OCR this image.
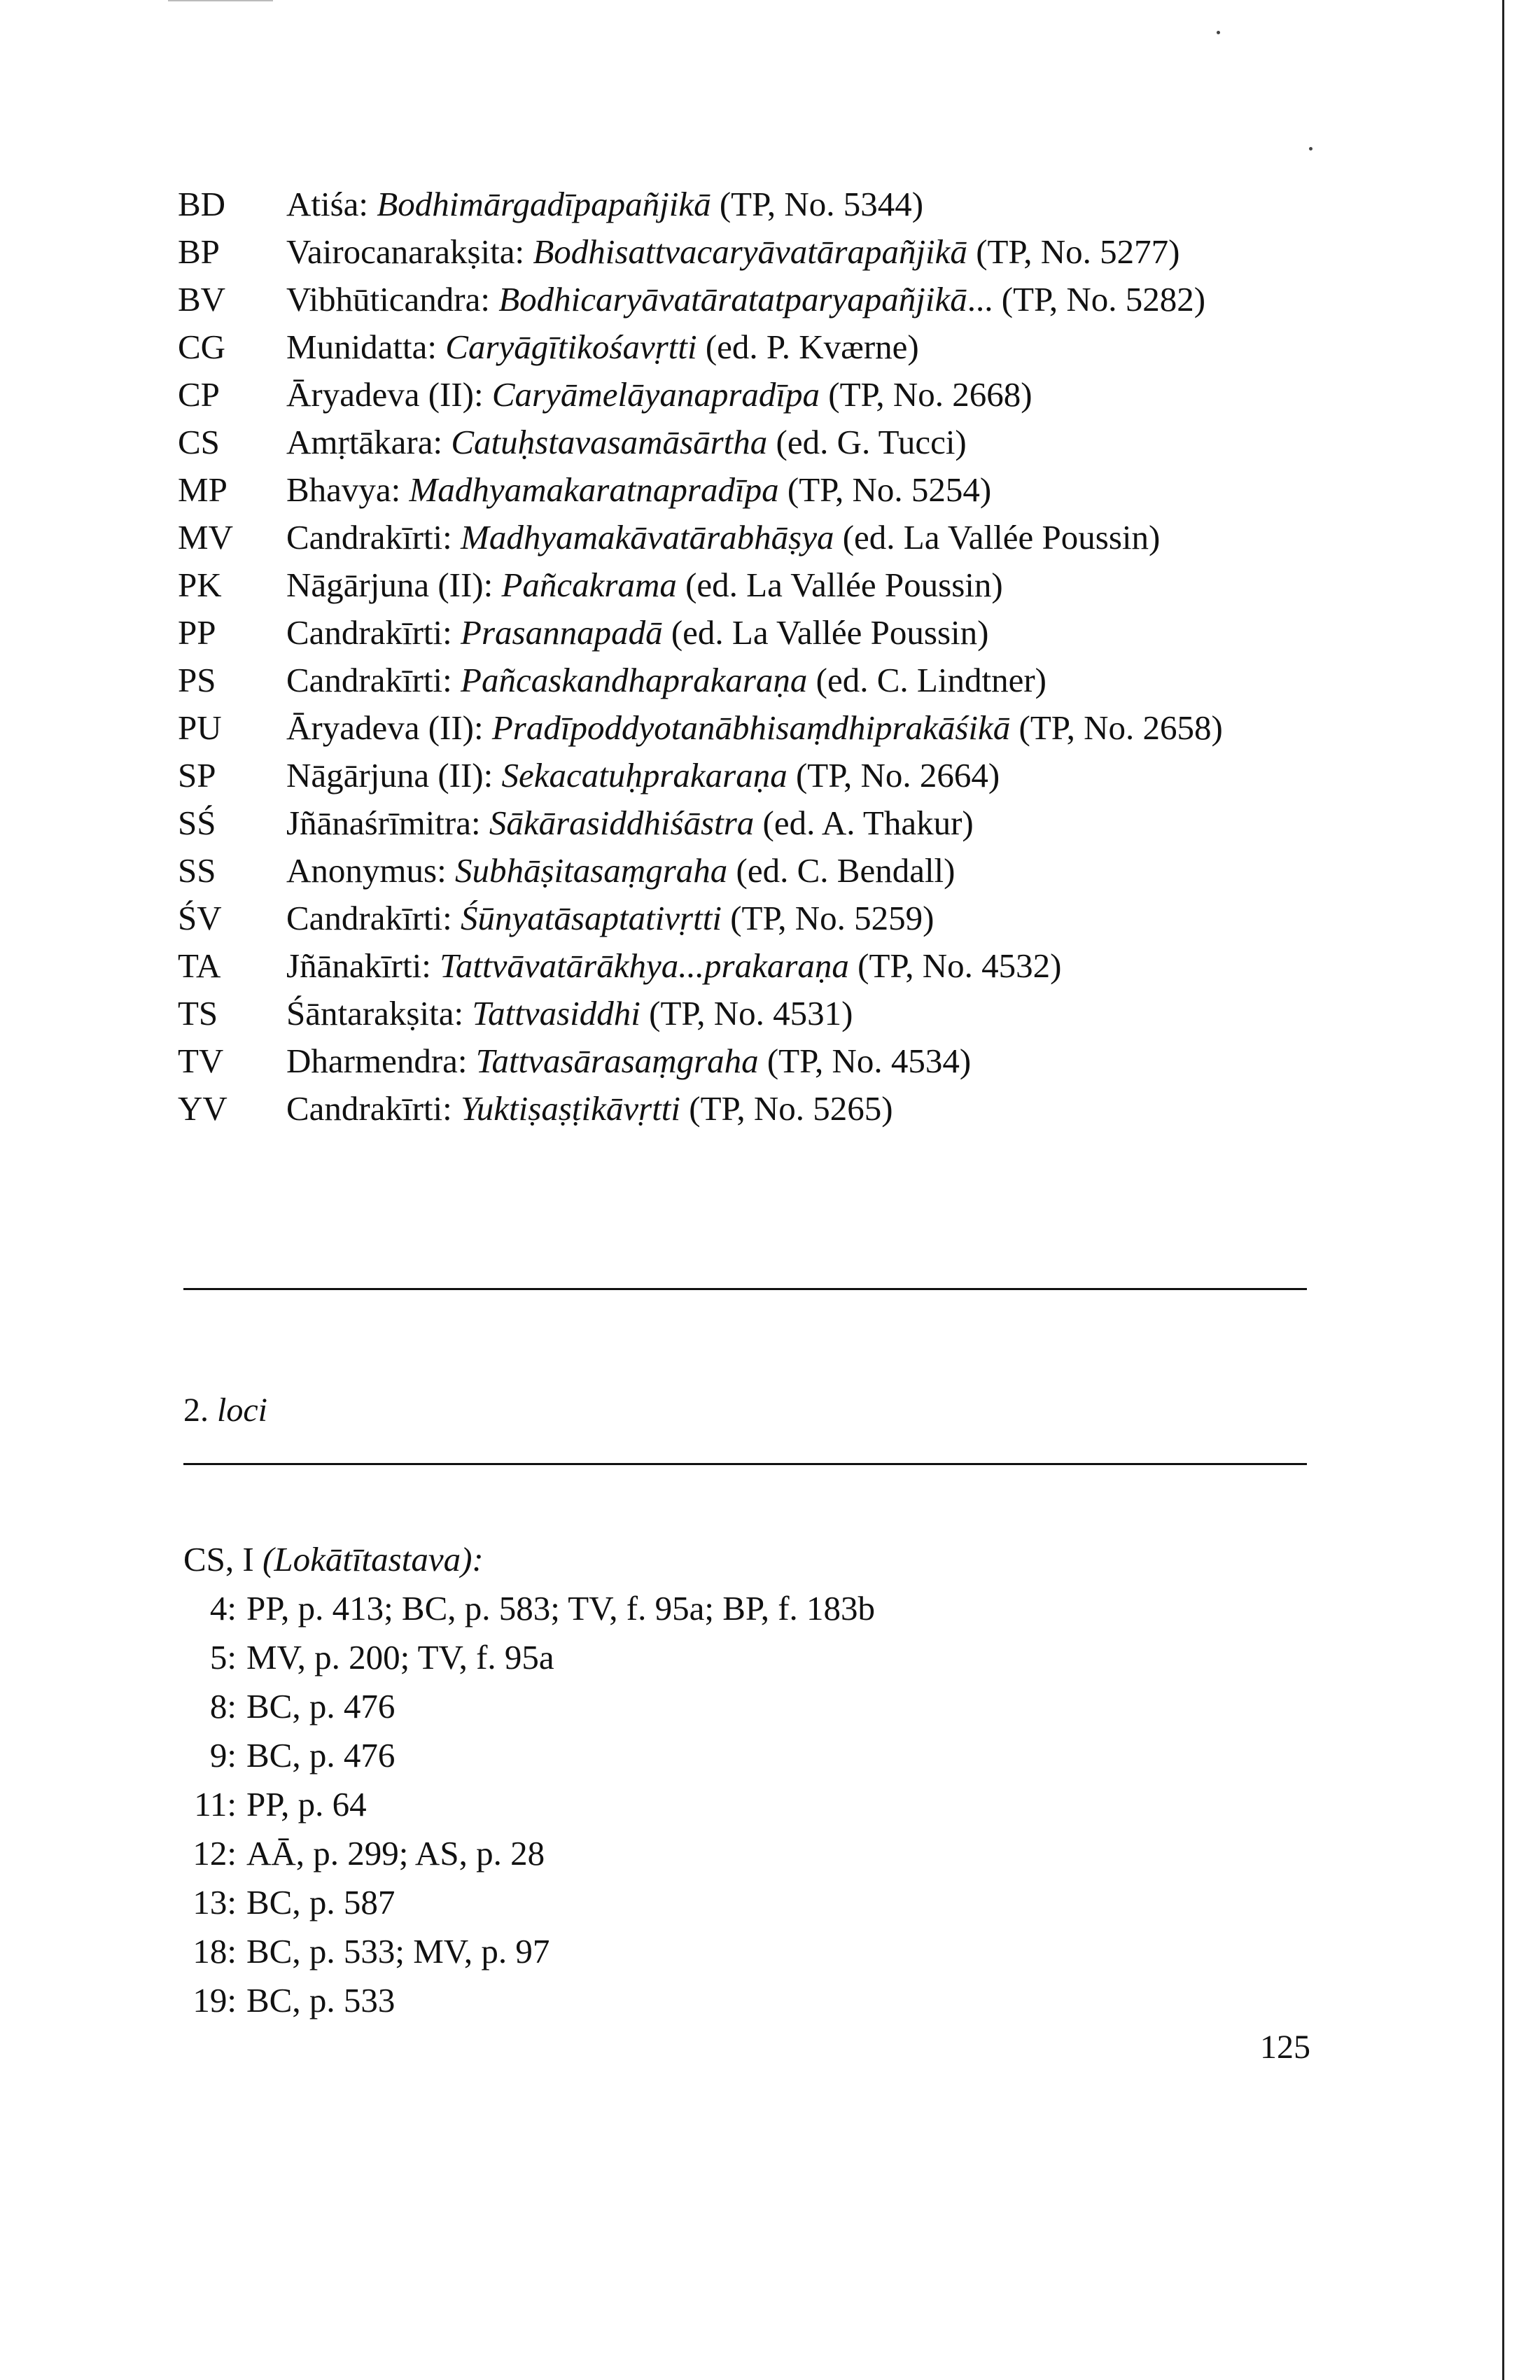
BD	Atiśa: Bodhimārgadīpapañjikā (TP, No. 5344)
BP	Vairocanarakṣita: Bodhisattvacaryāvatārapañjikā (TP, No. 5277)
BV	Vibhūticandra: Bodhicaryāvatāratatparyapañjikā... (TP, No. 5282)
CG	Munidatta: Caryāgītikośavṛtti (ed. P. Kværne)
CP	Āryadeva (II): Caryāmelāyanapradīpa (TP, No. 2668)
CS	Amṛtākara: Catuḥstavasamāsārtha (ed. G. Tucci)
MP	Bhavya: Madhyamakaratnapradīpa (TP, No. 5254)
MV	Candrakīrti: Madhyamakāvatārabhāṣya (ed. La Vallée Poussin)
PK	Nāgārjuna (II): Pañcakrama (ed. La Vallée Poussin)
PP	Candrakīrti: Prasannapadā (ed. La Vallée Poussin)
PS	Candrakīrti: Pañcaskandhaprakaraṇa (ed. C. Lindtner)
PU	Āryadeva (II): Pradīpoddyotanābhisaṃdhiprakāśikā (TP, No. 2658)
SP	Nāgārjuna (II): Sekacatuḥprakaraṇa (TP, No. 2664)
SŚ	Jñānaśrīmitra: Sākārasiddhiśāstra (ed. A. Thakur)
SS	Anonymus: Subhāṣitasaṃgraha (ed. C. Bendall)
ŚV	Candrakīrti: Śūnyatāsaptativṛtti (TP, No. 5259)
TA	Jñānakīrti: Tattvāvatārākhya...prakaraṇa (TP, No. 4532)
TS	Śāntarakṣita: Tattvasiddhi (TP, No. 4531)
TV	Dharmendra: Tattvasārasaṃgraha (TP, No. 4534)
YV	Candrakīrti: Yuktiṣaṣṭikāvṛtti (TP, No. 5265)
2. loci
CS, I (Lokātītastava):
4: PP, p. 413; BC, p. 583; TV, f. 95a; BP, f. 183b
5: MV, p. 200; TV, f. 95a
8: BC, p. 476
9: BC, p. 476
11: PP, p. 64
12: AĀ, p. 299; AS, p. 28
13: BC, p. 587
18: BC, p. 533; MV, p. 97
19: BC, p. 533
125
